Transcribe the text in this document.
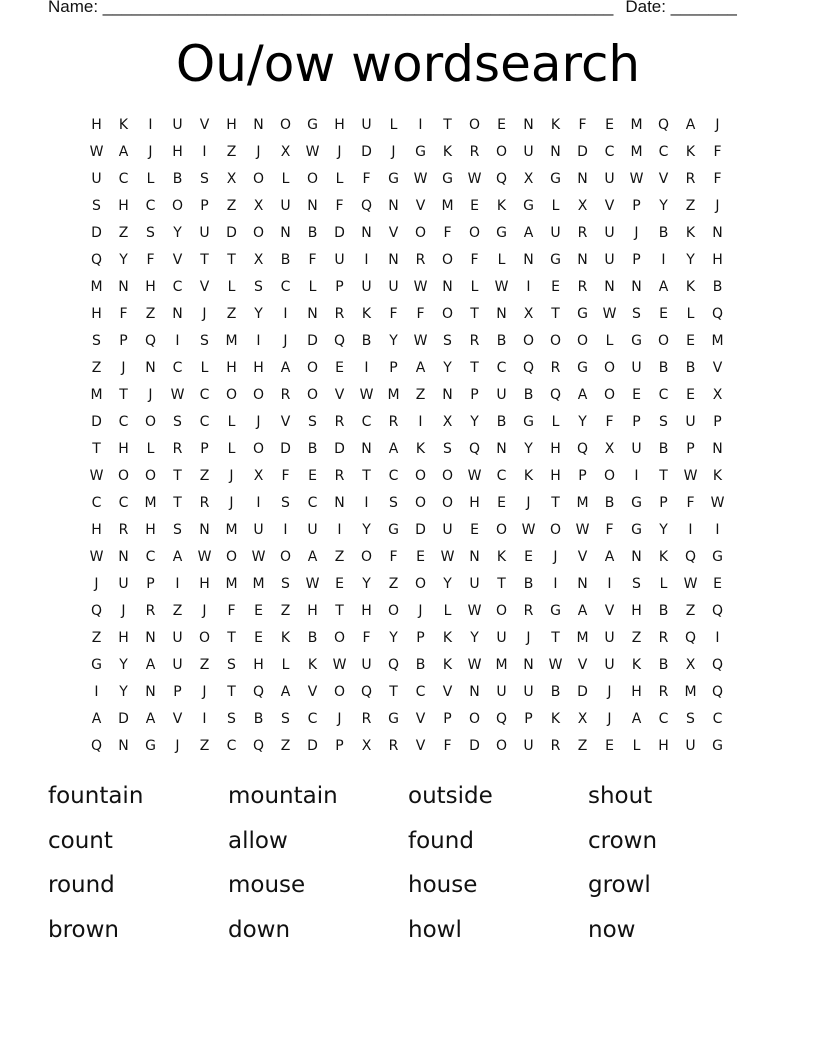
Name: ______________________________________________________ Date: _______
Ou/ow wordsearch
H	K	I	U	V	H	N	O	G	H	U	L	I	T	O	E	N	K	F	E	M	Q	A	J
W	A	J	H	I	Z	J	X	W	J	D	J	G	K	R	O	U	N	D	C	M	C	K	F
U	C	L	B	S	X	O	L	O	L	F	G	W	G	W	Q	X	G	N	U	W	V	R	F
S	H	C	O	P	Z	X	U	N	F	Q	N	V	M	E	K	G	L	X	V	P	Y	Z	J
D	Z	S	Y	U	D	O	N	B	D	N	V	O	F	O	G	A	U	R	U	J	B	K	N
Q	Y	F	V	T	T	X	B	F	U	I	N	R	O	F	L	N	G	N	U	P	I	Y	H
M	N	H	C	V	L	S	C	L	P	U	U	W	N	L	W	I	E	R	N	N	A	K	B
H	F	Z	N	J	Z	Y	I	N	R	K	F	F	O	T	N	X	T	G	W	S	E	L	Q
S	P	Q	I	S	M	I	J	D	Q	B	Y	W	S	R	B	O	O	O	L	G	O	E	M
Z	J	N	C	L	H	H	A	O	E	I	P	A	Y	T	C	Q	R	G	O	U	B	B	V
M	T	J	W	C	O	O	R	O	V	W	M	Z	N	P	U	B	Q	A	O	E	C	E	X
D	C	O	S	C	L	J	V	S	R	C	R	I	X	Y	B	G	L	Y	F	P	S	U	P
T	H	L	R	P	L	O	D	B	D	N	A	K	S	Q	N	Y	H	Q	X	U	B	P	N
W	O	O	T	Z	J	X	F	E	R	T	C	O	O	W	C	K	H	P	O	I	T	W	K
C	C	M	T	R	J	I	S	C	N	I	S	O	O	H	E	J	T	M	B	G	P	F	W
H	R	H	S	N	M	U	I	U	I	Y	G	D	U	E	O	W	O	W	F	G	Y	I	I
W	N	C	A	W	O	W	O	A	Z	O	F	E	W	N	K	E	J	V	A	N	K	Q	G
J	U	P	I	H	M	M	S	W	E	Y	Z	O	Y	U	T	B	I	N	I	S	L	W	E
Q	J	R	Z	J	F	E	Z	H	T	H	O	J	L	W	O	R	G	A	V	H	B	Z	Q
Z	H	N	U	O	T	E	K	B	O	F	Y	P	K	Y	U	J	T	M	U	Z	R	Q	I
G	Y	A	U	Z	S	H	L	K	W	U	Q	B	K	W	M	N	W	V	U	K	B	X	Q
I	Y	N	P	J	T	Q	A	V	O	Q	T	C	V	N	U	U	B	D	J	H	R	M	Q
A	D	A	V	I	S	B	S	C	J	R	G	V	P	O	Q	P	K	X	J	A	C	S	C
Q	N	G	J	Z	C	Q	Z	D	P	X	R	V	F	D	O	U	R	Z	E	L	H	U	G
fountain	mountain	outside	shout
count	allow	found	crown
round	mouse	house	growl
brown	down	howl	now
